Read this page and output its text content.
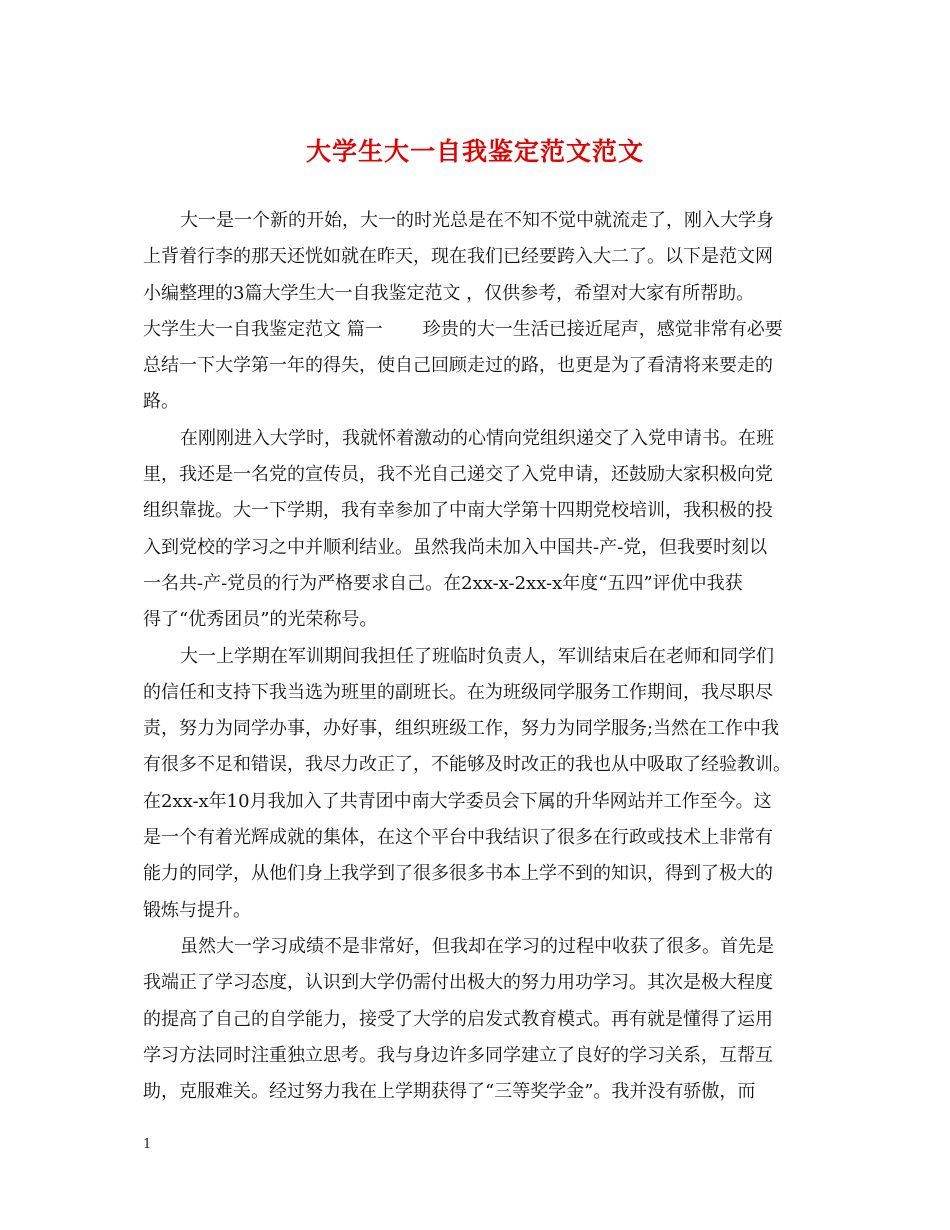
大学生大一自我鉴定范文范文
大一是一个新的开始，大一的时光总是在不知不觉中就流走了，刚入大学身
上背着行李的那天还恍如就在昨天，现在我们已经要跨入大二了。以下是范文网
小编整理的3篇大学生大一自我鉴定范文 ，仅供参考，希望对大家有所帮助。
大学生大一自我鉴定范文 篇一 珍贵的大一生活已接近尾声，感觉非常有必要
总结一下大学第一年的得失，使自己回顾走过的路，也更是为了看清将来要走的
路。
在刚刚进入大学时，我就怀着激动的心情向党组织递交了入党申请书。在班
里，我还是一名党的宣传员，我不光自己递交了入党申请，还鼓励大家积极向党
组织靠拢。大一下学期，我有幸参加了中南大学第十四期党校培训，我积极的投
入到党校的学习之中并顺利结业。虽然我尚未加入中国共-产-党，但我要时刻以
一名共-产-党员的行为严格要求自己。在2xx-x-2xx-x年度“五四”评优中我获
得了“优秀团员”的光荣称号。
大一上学期在军训期间我担任了班临时负责人，军训结束后在老师和同学们
的信任和支持下我当选为班里的副班长。在为班级同学服务工作期间，我尽职尽
责，努力为同学办事，办好事，组织班级工作，努力为同学服务;当然在工作中我
有很多不足和错误，我尽力改正了，不能够及时改正的我也从中吸取了经验教训。
在2xx-x年10月我加入了共青团中南大学委员会下属的升华网站并工作至今。这
是一个有着光辉成就的集体，在这个平台中我结识了很多在行政或技术上非常有
能力的同学，从他们身上我学到了很多很多书本上学不到的知识，得到了极大的
锻炼与提升。
虽然大一学习成绩不是非常好，但我却在学习的过程中收获了很多。首先是
我端正了学习态度，认识到大学仍需付出极大的努力用功学习。其次是极大程度
的提高了自己的自学能力，接受了大学的启发式教育模式。再有就是懂得了运用
学习方法同时注重独立思考。我与身边许多同学建立了良好的学习关系，互帮互
助，克服难关。经过努力我在上学期获得了“三等奖学金”。我并没有骄傲，而
1
